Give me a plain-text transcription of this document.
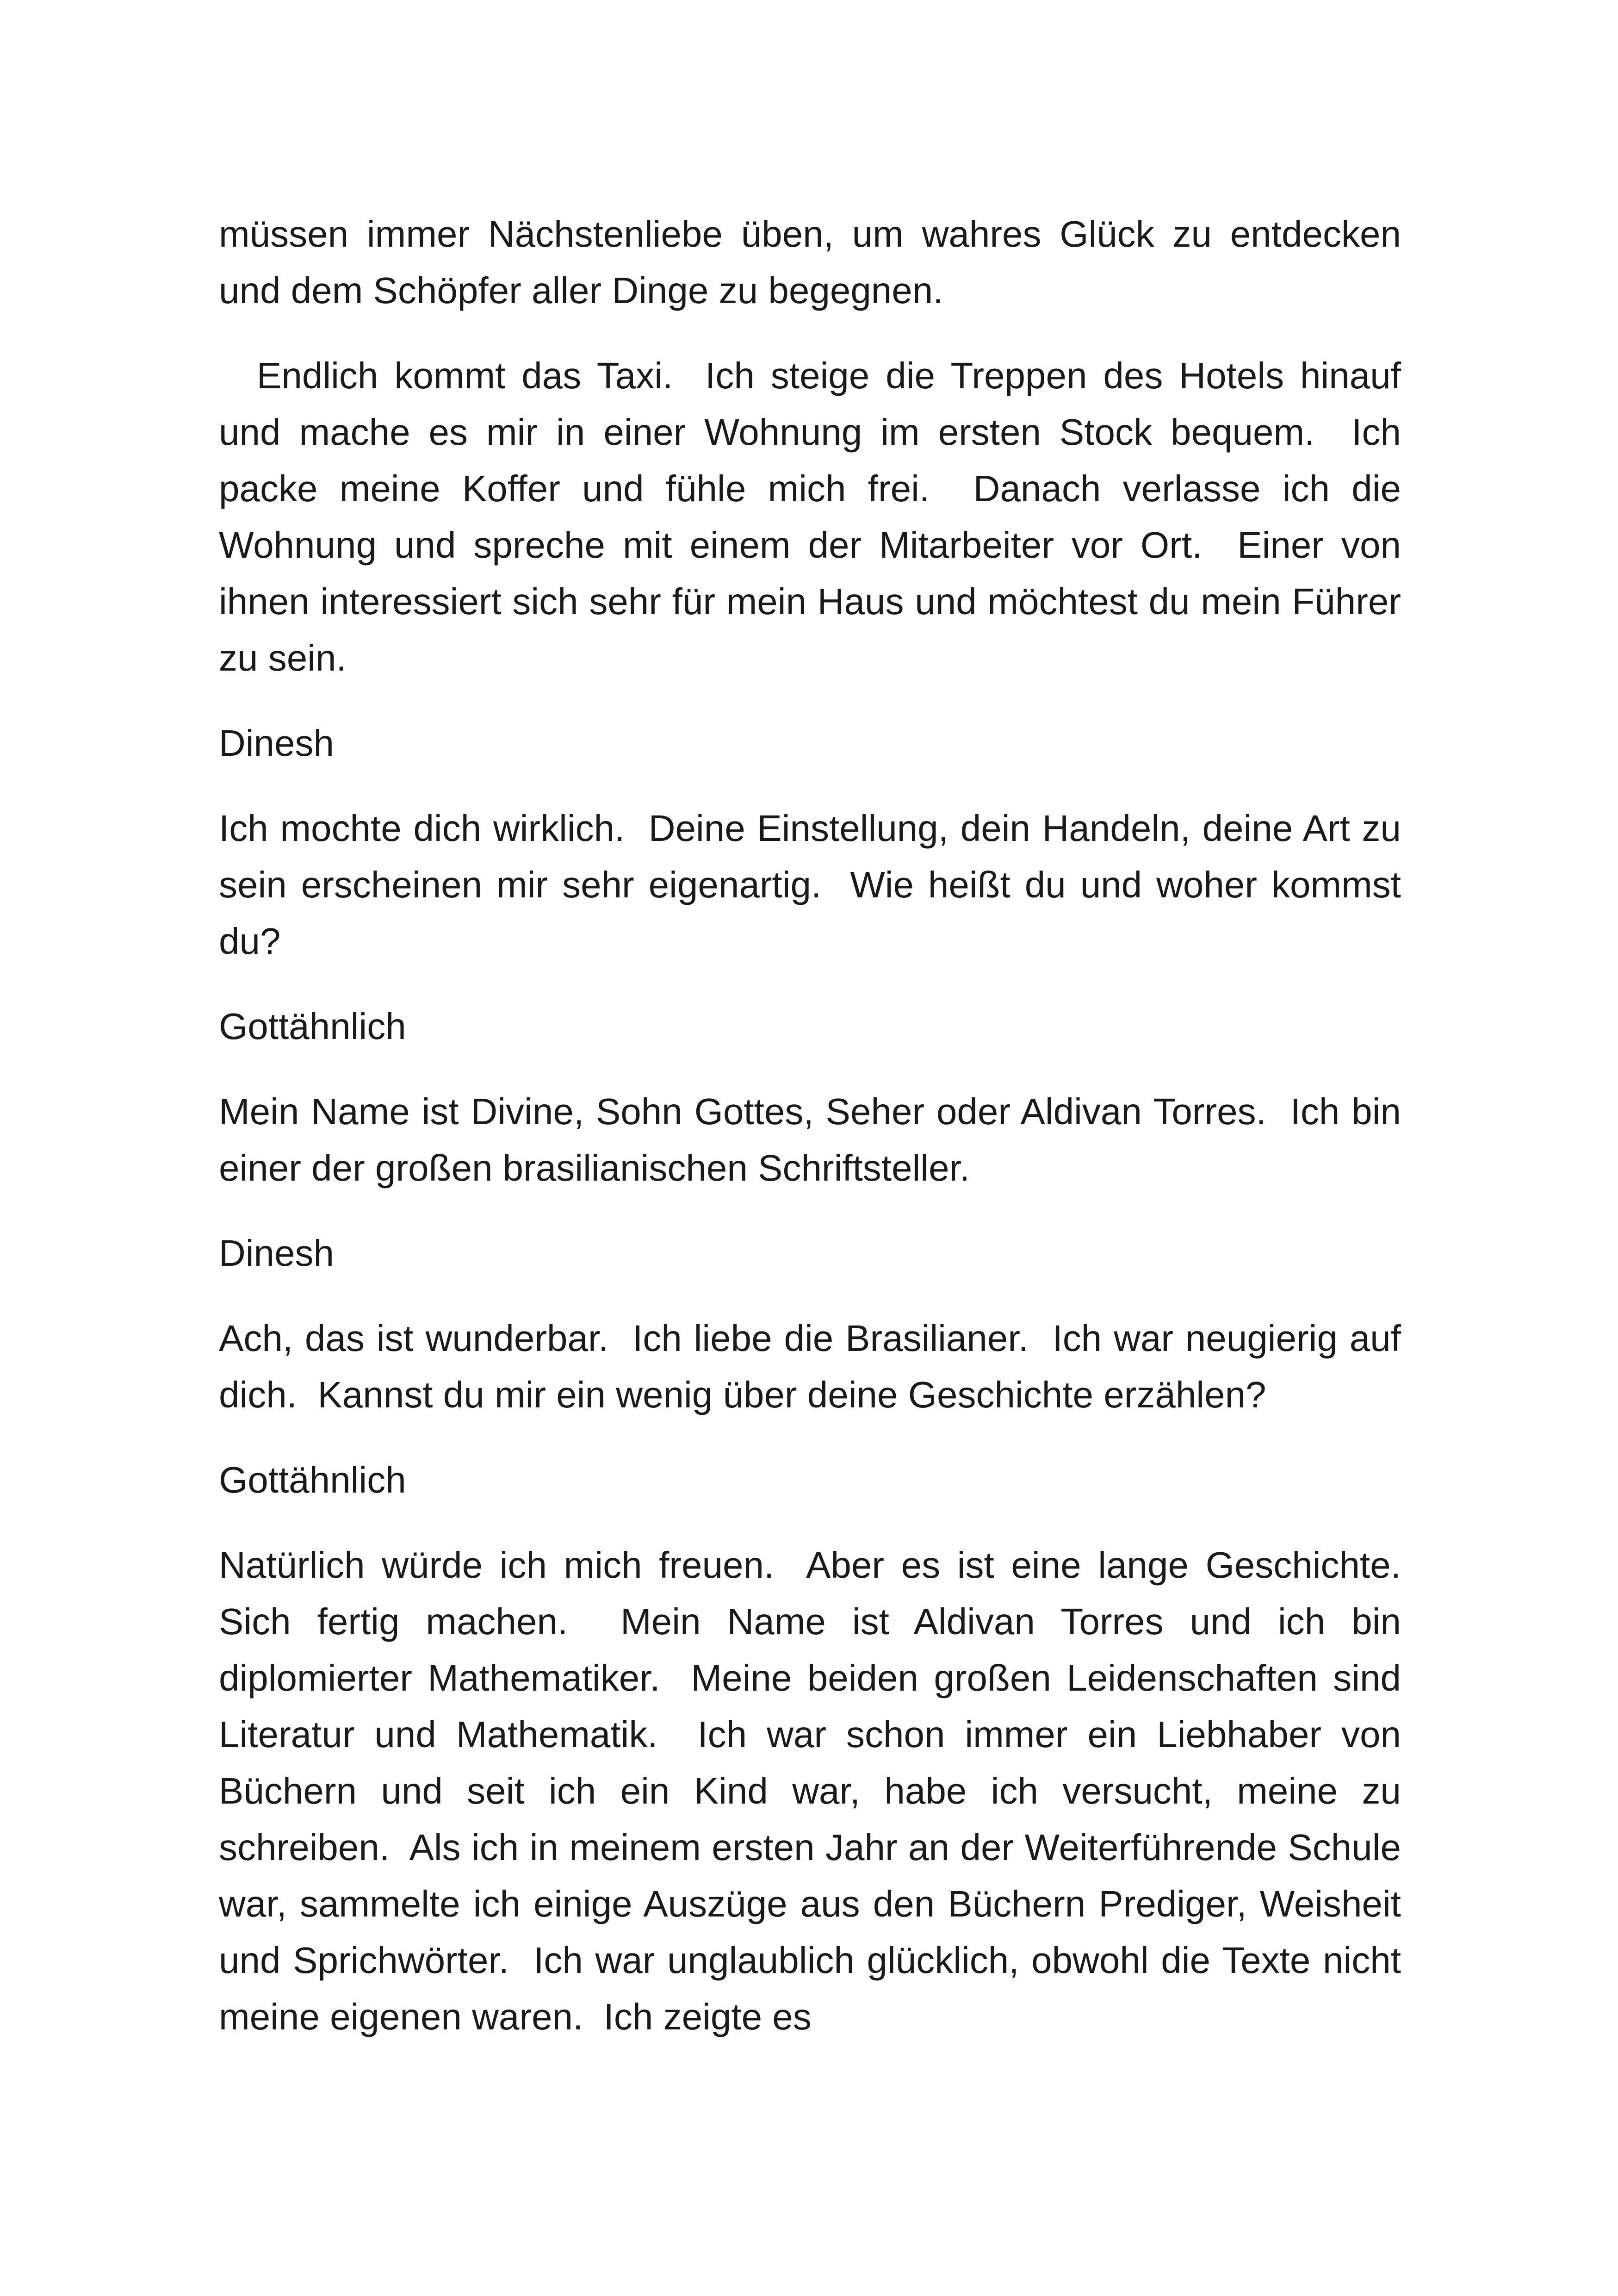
müssen immer Nächstenliebe üben, um wahres Glück zu entdecken und dem Schöpfer aller Dinge zu begegnen.

Endlich kommt das Taxi.  Ich steige die Treppen des Hotels hinauf und mache es mir in einer Wohnung im ersten Stock bequem.  Ich packe meine Koffer und fühle mich frei.  Danach verlasse ich die Wohnung und spreche mit einem der Mitarbeiter vor Ort.  Einer von ihnen interessiert sich sehr für mein Haus und möchtest du mein Führer zu sein.

Dinesh

Ich mochte dich wirklich.  Deine Einstellung, dein Handeln, deine Art zu sein erscheinen mir sehr eigenartig.  Wie heißt du und woher kommst du?

Gottähnlich

Mein Name ist Divine, Sohn Gottes, Seher oder Aldivan Torres.  Ich bin einer der großen brasilianischen Schriftsteller.

Dinesh

Ach, das ist wunderbar.  Ich liebe die Brasilianer.  Ich war neugierig auf dich.  Kannst du mir ein wenig über deine Geschichte erzählen?

Gottähnlich

Natürlich würde ich mich freuen.  Aber es ist eine lange Geschichte.  Sich fertig machen.  Mein Name ist Aldivan Torres und ich bin diplomierter Mathematiker.  Meine beiden großen Leidenschaften sind Literatur und Mathematik.  Ich war schon immer ein Liebhaber von Büchern und seit ich ein Kind war, habe ich versucht, meine zu schreiben.  Als ich in meinem ersten Jahr an der Weiterführende Schule war, sammelte ich einige Auszüge aus den Büchern Prediger, Weisheit und Sprichwörter.  Ich war unglaublich glücklich, obwohl die Texte nicht meine eigenen waren.  Ich zeigte es
